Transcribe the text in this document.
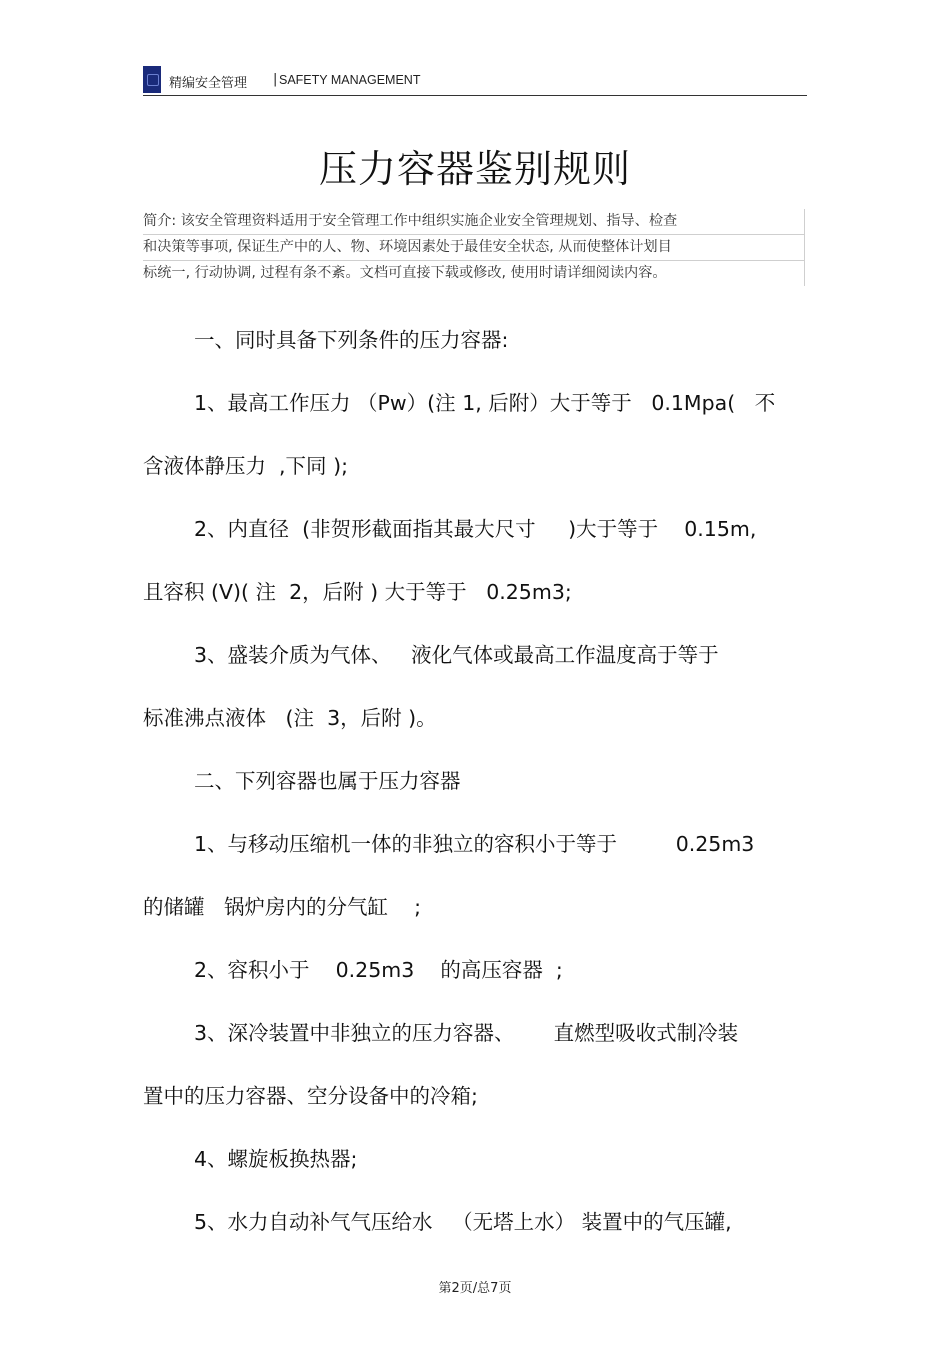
精编安全管理 | SAFETY MANAGEMENT
压力容器鉴别规则
简介: 该安全管理资料适用于安全管理工作中组织实施企业安全管理规划、指导、检查
和决策等事项, 保证生产中的人、物、环境因素处于最佳安全状态, 从而使整体计划目
标统一, 行动协调, 过程有条不紊。文档可直接下载或修改, 使用时请详细阅读内容。
一、同时具备下列条件的压力容器:
1、最高工作压力 （Pw）(注 1, 后附）大于等于   0.1Mpa(   不
含液体静压力  ,下同 );
2、内直径  (非贺形截面指其最大尺寸     )大于等于    0.15m,
且容积 (V)( 注  2，后附 ) 大于等于   0.25m3;
3、盛装介质为气体、   液化气体或最高工作温度高于等于
标准沸点液体   (注  3，后附 )。
二、下列容器也属于压力容器
1、与移动压缩机一体的非独立的容积小于等于         0.25m3
的储罐   锅炉房内的分气缸    ;
2、容积小于    0.25m3    的高压容器  ;
3、深冷装置中非独立的压力容器、      直燃型吸收式制冷装
置中的压力容器、空分设备中的冷箱;
4、螺旋板换热器;
5、水力自动补气气压给水   （无塔上水） 装置中的气压罐,
第2页/总7页
